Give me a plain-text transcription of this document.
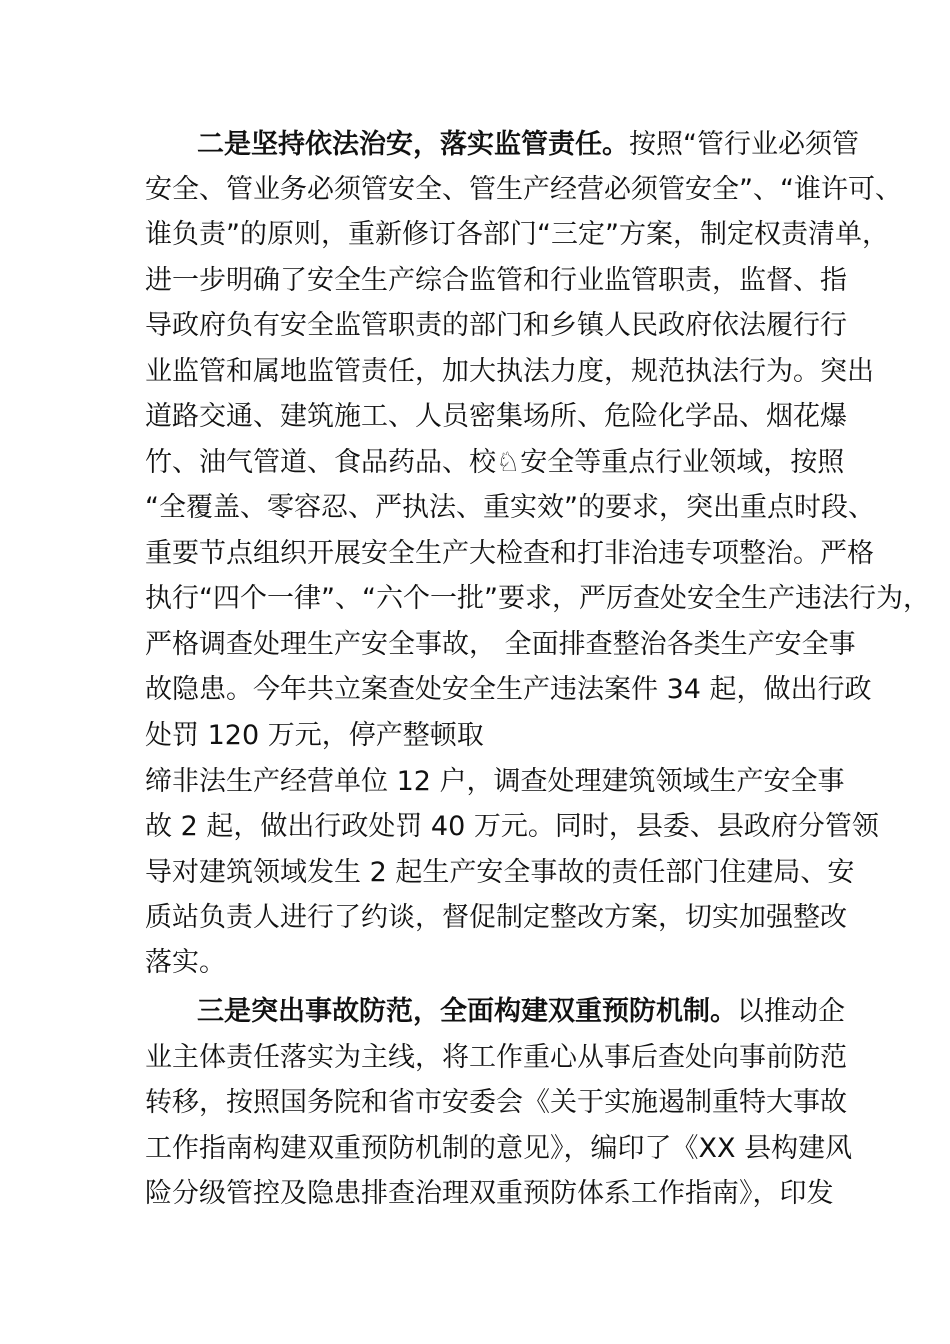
二是坚持依法治安，落实监管责任。按照“管行业必须管
安全、管业务必须管安全、管生产经营必须管安全”、“谁许可、
谁负责”的原则，重新修订各部门“三定”方案，制定权责清单，
进一步明确了安全生产综合监管和行业监管职责，监督、指
导政府负有安全监管职责的部门和乡镇人民政府依法履行行
业监管和属地监管责任，加大执法力度，规范执法行为。突出
道路交通、建筑施工、人员密集场所、危险化学品、烟花爆
竹、油气管道、食品药品、校♘安全等重点行业领域，按照
“全覆盖、零容忍、严执法、重实效”的要求，突出重点时段、
重要节点组织开展安全生产大检查和打非治违专项整治。严格
执行“四个一律”、“六个一批”要求，严厉查处安全生产违法行为，
严格调查处理生产安全事故， 全面排查整治各类生产安全事
故隐患。今年共立案查处安全生产违法案件 34 起，做出行政
处罚 120 万元，停产整顿取
缔非法生产经营单位 12 户，调查处理建筑领域生产安全事
故 2 起，做出行政处罚 40 万元。同时，县委、县政府分管领
导对建筑领域发生 2 起生产安全事故的责任部门住建局、安
质站负责人进行了约谈，督促制定整改方案，切实加强整改
落实。
三是突出事故防范，全面构建双重预防机制。以推动企
业主体责任落实为主线，将工作重心从事后查处向事前防范
转移，按照国务院和省市安委会《关于实施遏制重特大事故
工作指南构建双重预防机制的意见》，编印了《XX 县构建风
险分级管控及隐患排查治理双重预防体系工作指南》，印发
